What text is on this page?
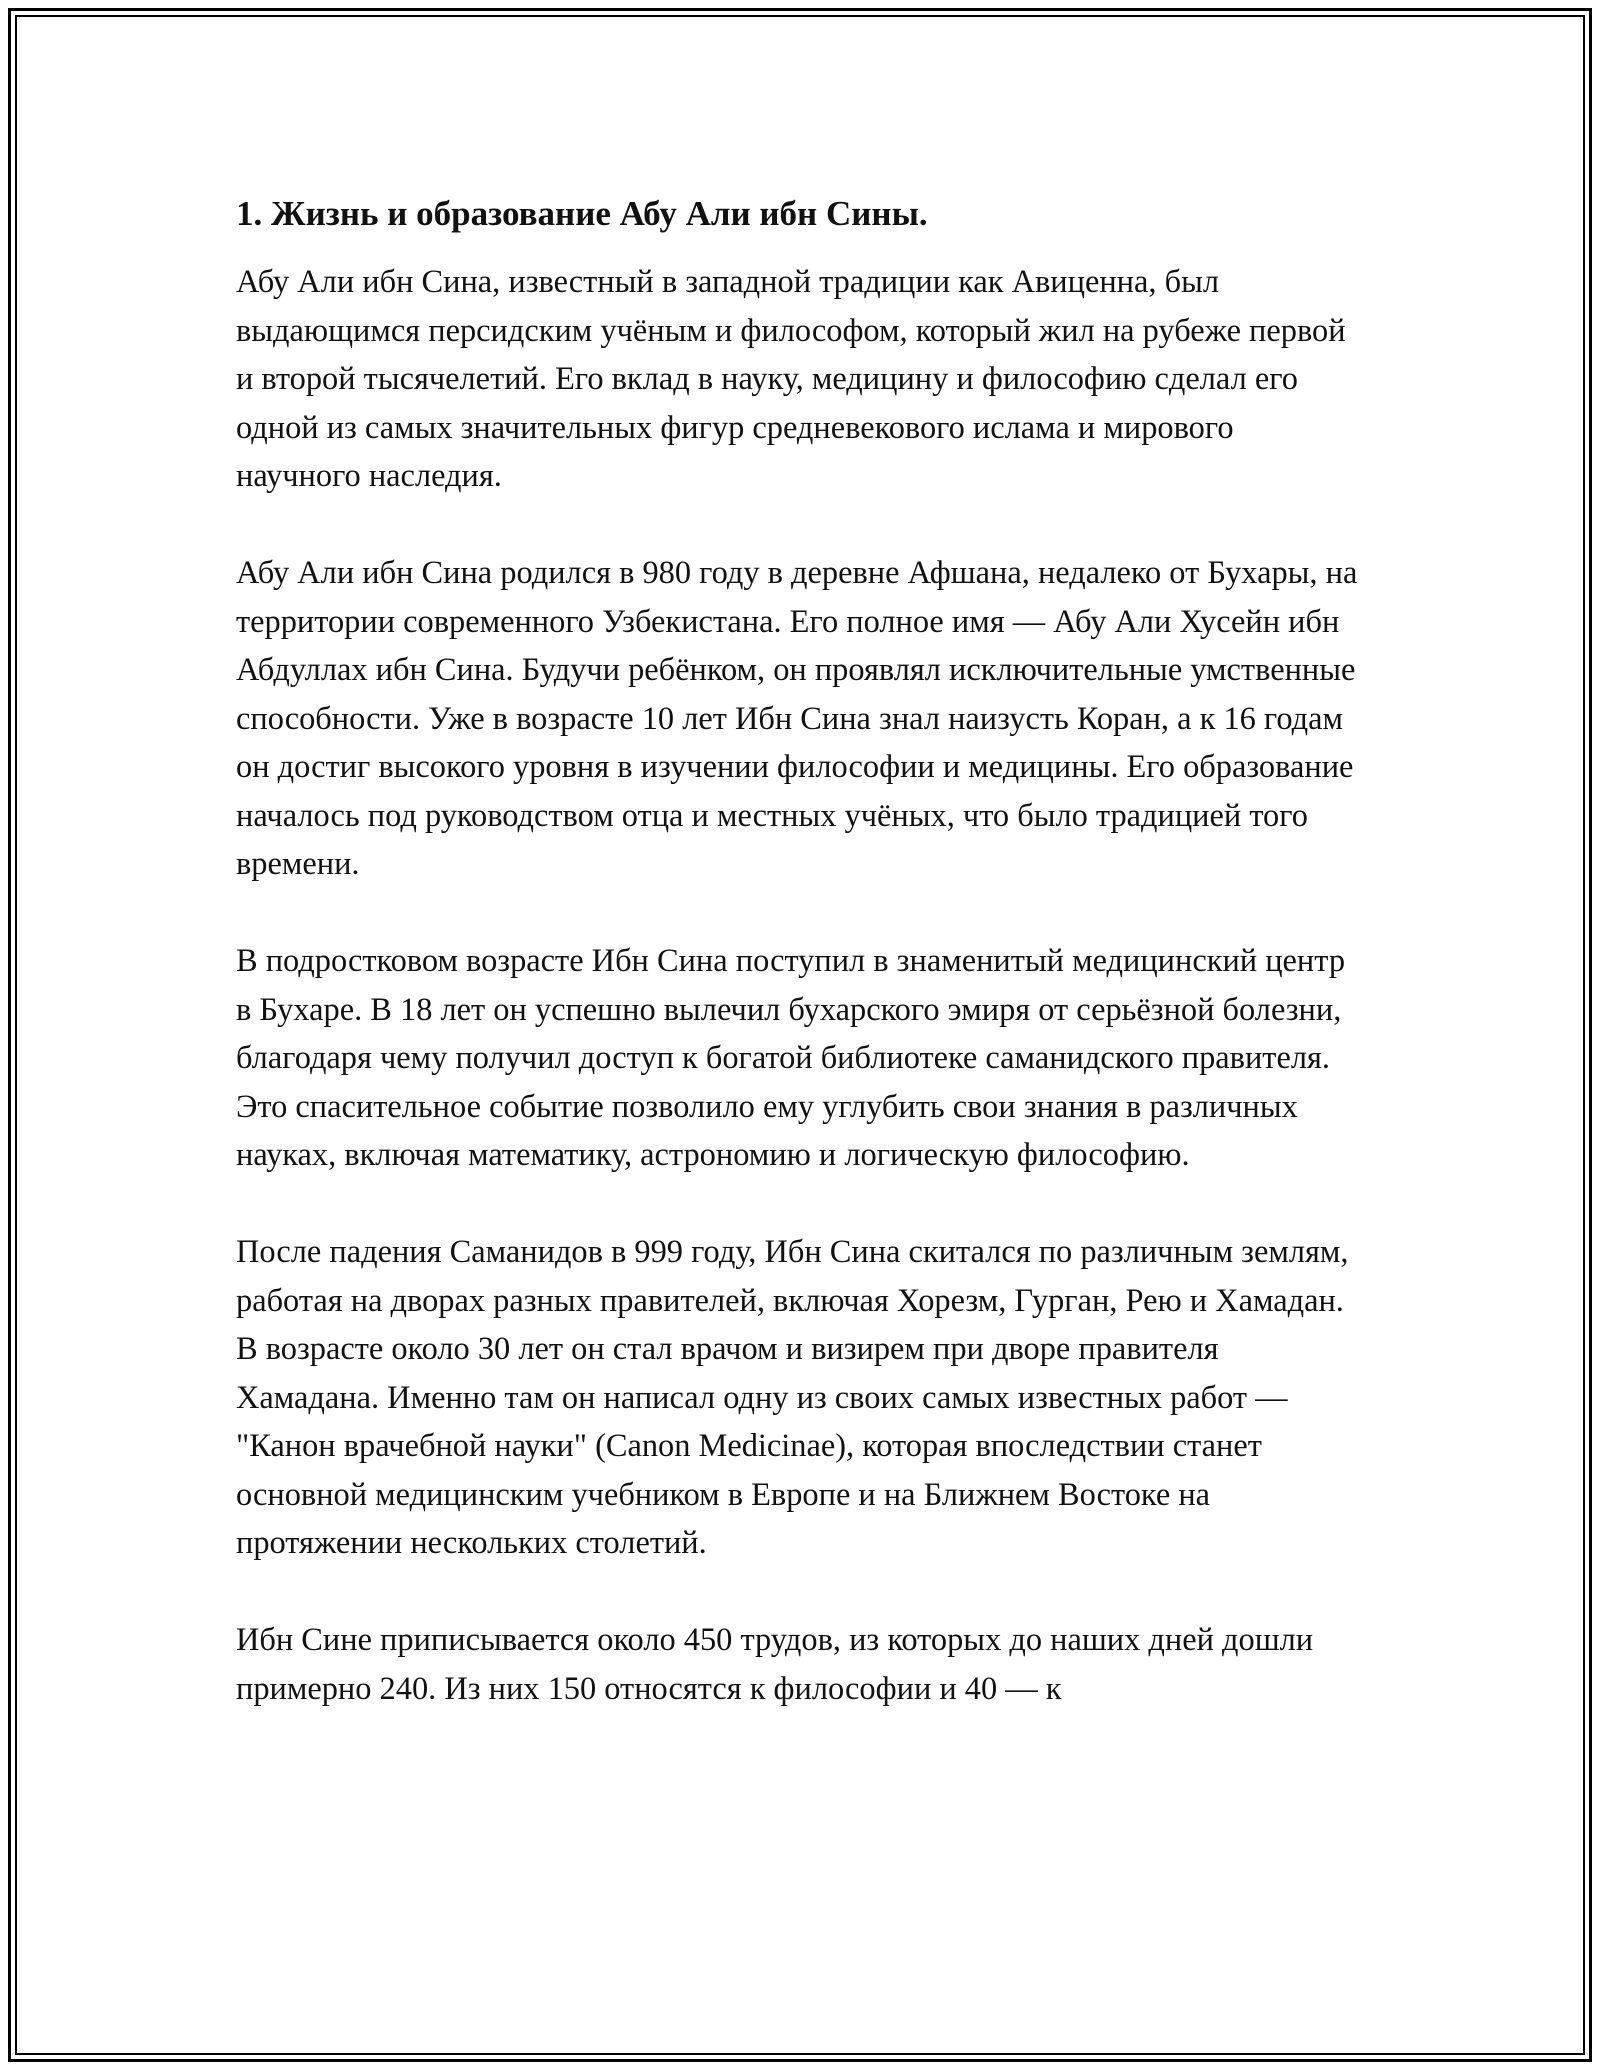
1. Жизнь и образование Абу Али ибн Сины.

Абу Али ибн Сина, известный в западной традиции как Авиценна, был выдающимся персидским учёным и философом, который жил на рубеже первой и второй тысячелетий. Его вклад в науку, медицину и философию сделал его одной из самых значительных фигур средневекового ислама и мирового научного наследия.

Абу Али ибн Сина родился в 980 году в деревне Афшана, недалеко от Бухары, на территории современного Узбекистана. Его полное имя — Абу Али Хусейн ибн Абдуллах ибн Сина. Будучи ребёнком, он проявлял исключительные умственные способности. Уже в возрасте 10 лет Ибн Сина знал наизусть Коран, а к 16 годам он достиг высокого уровня в изучении философии и медицины. Его образование началось под руководством отца и местных учёных, что было традицией того времени.

В подростковом возрасте Ибн Сина поступил в знаменитый медицинский центр в Бухаре. В 18 лет он успешно вылечил бухарского эмиря от серьёзной болезни, благодаря чему получил доступ к богатой библиотеке саманидского правителя. Это спасительное событие позволило ему углубить свои знания в различных науках, включая математику, астрономию и логическую философию.

После падения Саманидов в 999 году, Ибн Сина скитался по различным землям, работая на дворах разных правителей, включая Хорезм, Гурган, Рею и Хамадан. В возрасте около 30 лет он стал врачом и визирем при дворе правителя Хамадана. Именно там он написал одну из своих самых известных работ — "Канон врачебной науки" (Canon Medicinae), которая впоследствии станет основной медицинским учебником в Европе и на Ближнем Востоке на протяжении нескольких столетий.

Ибн Сине приписывается около 450 трудов, из которых до наших дней дошли примерно 240. Из них 150 относятся к философии и 40 — к
